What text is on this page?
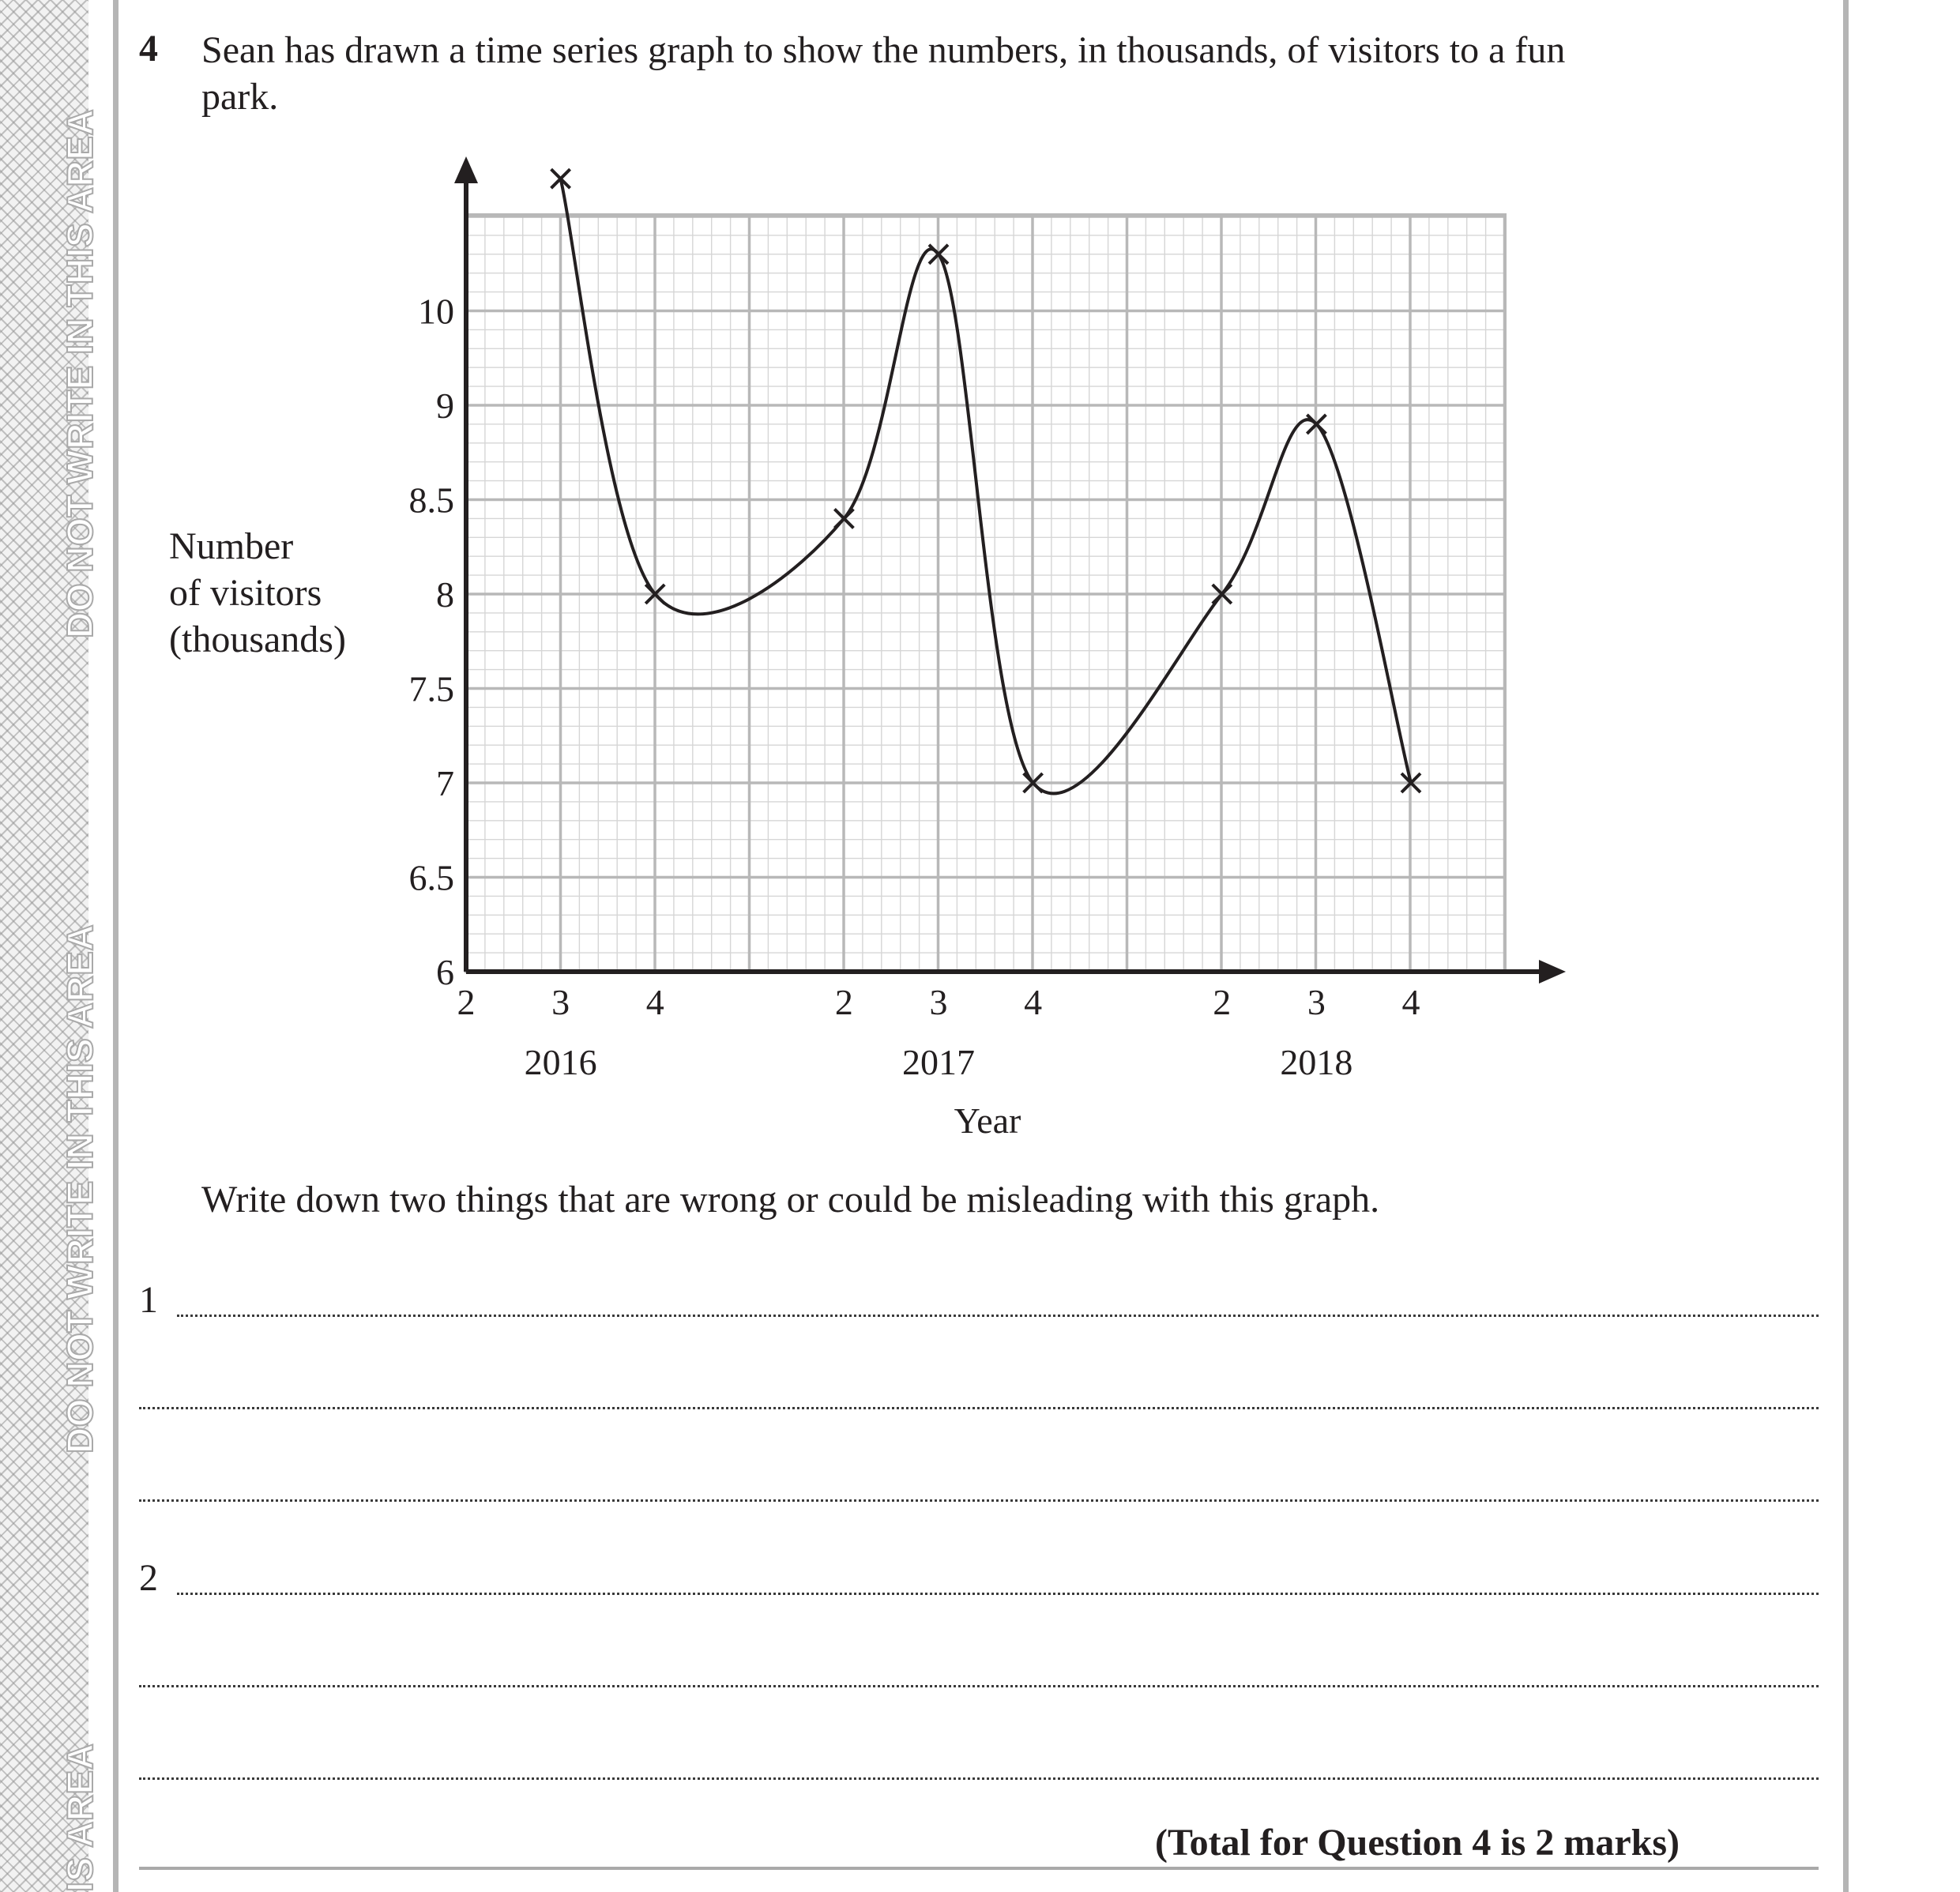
DO NOT WRITE IN THIS AREA
DO NOT WRITE IN THIS AREA
IS AREA
4 Sean has drawn a time series graph to show the numbers, in thousands, of visitors to a fun park.
Number
of visitors
(thousands)
6
6.5
7
7.5
8
8.5
9
10
2 3 4	2 3 4	2 3 4
2016	2017	2018
Year
Write down two things that are wrong or could be misleading with this graph.
1
2
(Total for Question 4 is 2 marks)
